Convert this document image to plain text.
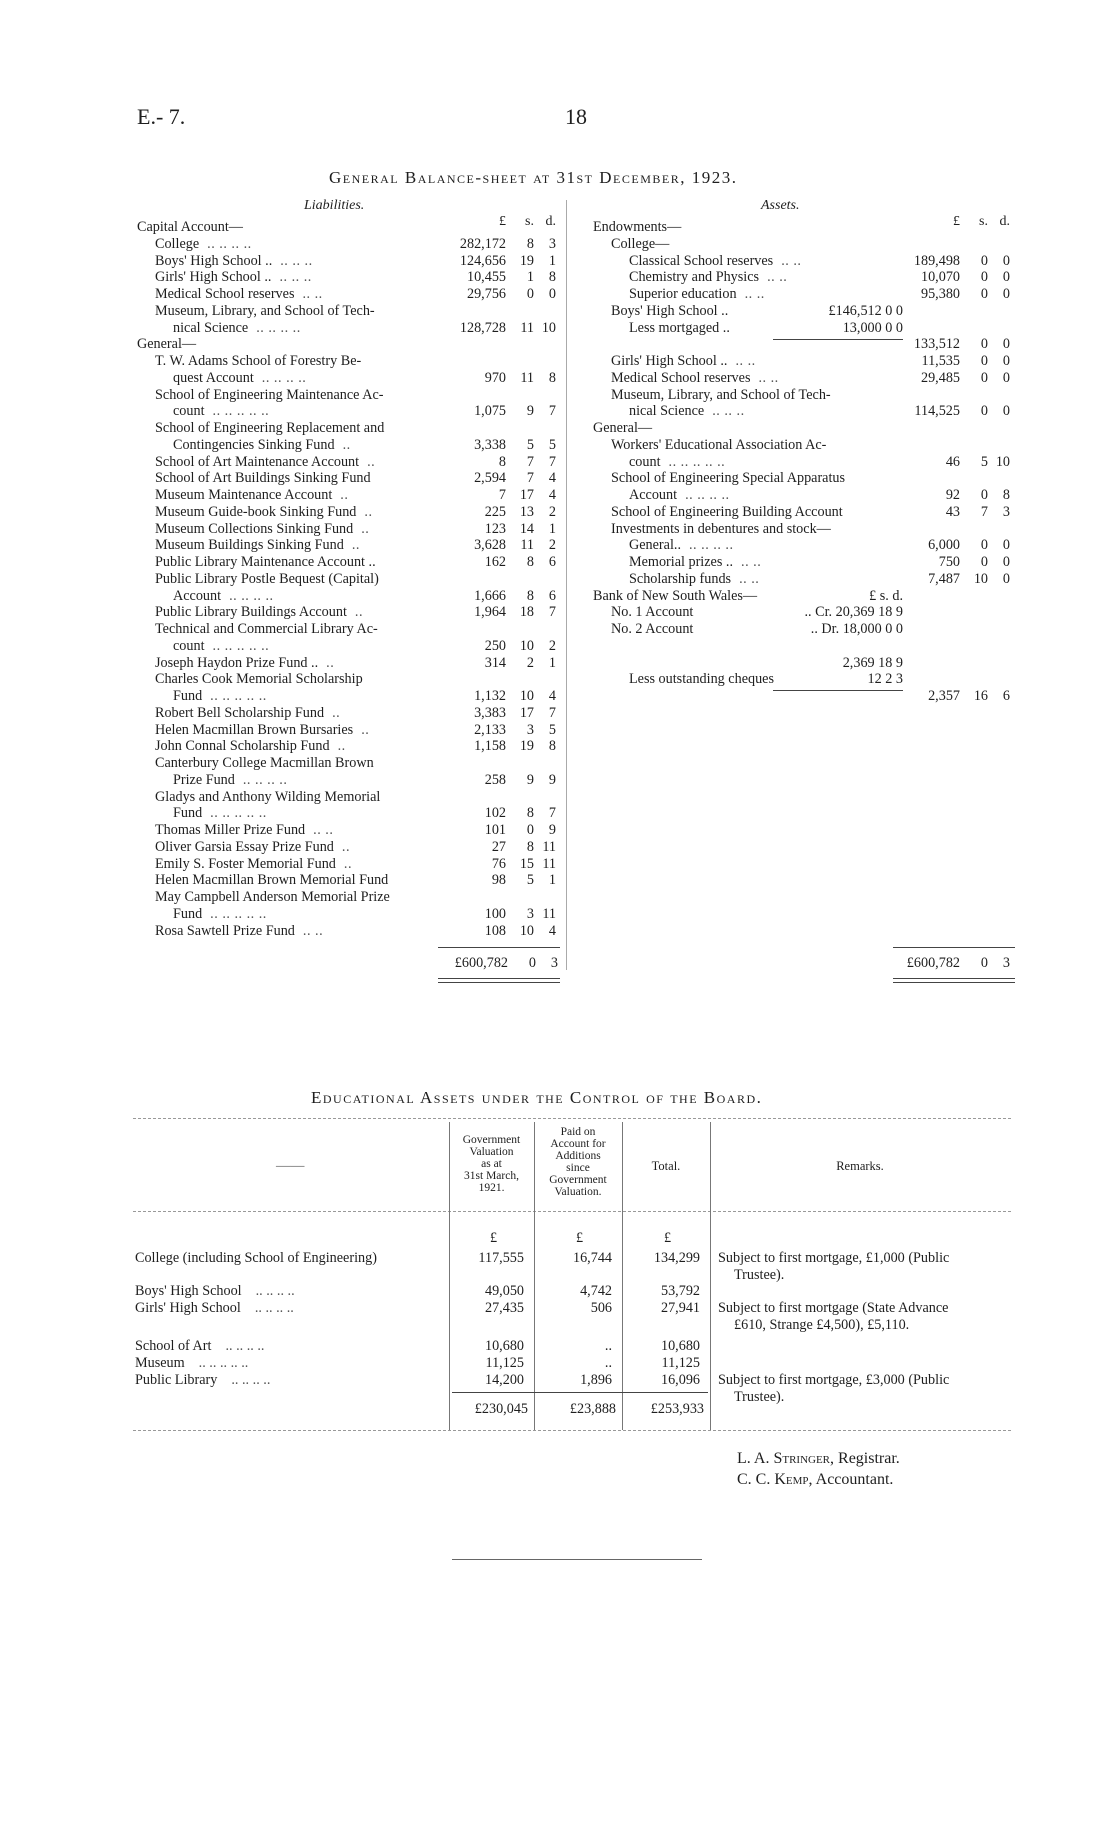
E.- 7.	18
General Balance-sheet at 31st December, 1923.
Liabilities.
£	s. d.
Capital Account—
College .. .. .. ..	282,172	8	3
Boys' High School .. .. .. ..	124,656 19	1
Girls' High School .. .. .. ..	10,455	1	8
Medical School reserves .. ..	29,756	0	0
Museum, Library, and School of Tech-
nical Science .. .. .. ..	128,728	11 10
General—
T. W. Adams School of Forestry Be-
quest Account .. .. .. ..	970	11	8
School of Engineering Maintenance Ac-
count .. .. .. .. ..	1,075	9	7
School of Engineering Replacement and
Contingencies Sinking Fund ..	3,338	5	5
School of Art Maintenance Account ..	8	7	7
School of Art Buildings Sinking Fund	2,594	7	4
Museum Maintenance Account ..	7 17	4
Museum Guide-book Sinking Fund ..	225 13	2
Museum Collections Sinking Fund ..	123 14	1
Museum Buildings Sinking Fund ..	3,628	11	2
Public Library Maintenance Account ..	162	8	6
Public Library Postle Bequest (Capital)
Account .. .. .. ..	1,666	8	6
Public Library Buildings Account ..	1,964 18	7
Technical and Commercial Library Ac-
count .. .. .. .. ..	250 10	2
Joseph Haydon Prize Fund .. ..	314	2	1
Charles Cook Memorial Scholarship
Fund .. .. .. .. ..	1,132 10	4
Robert Bell Scholarship Fund ..	3,383 17	7
Helen Macmillan Brown Bursaries ..	2,133	3	5
John Connal Scholarship Fund ..	1,158 19	8
Canterbury College Macmillan Brown
Prize Fund .. .. .. ..	258	9	9
Gladys and Anthony Wilding Memorial
Fund .. .. .. .. ..	102	8	7
Thomas Miller Prize Fund .. ..	101	0	9
Oliver Garsia Essay Prize Fund ..	27	8 11
Emily S. Foster Memorial Fund ..	76 15 11
Helen Macmillan Brown Memorial Fund	98	5	1
May Campbell Anderson Memorial Prize
Fund .. .. .. .. ..	100	3 11
Rosa Sawtell Prize Fund .. ..	108 10	4
Assets.
£	s. d.
Endowments—
College—
Classical School reserves .. ..	189,498	0	0
Chemistry and Physics .. ..	10,070	0	0
Superior education .. ..	95,380	0	0
Boys' High School ..	£146,512 0 0
Less mortgaged ..	13,000 0 0
133,512	0	0
Girls' High School .. .. ..	11,535	0	0
Medical School reserves .. ..	29,485	0	0
Museum, Library, and School of Tech-
nical Science .. .. ..	114,525	0	0
General—
Workers' Educational Association Ac-
count .. .. .. .. ..	46	5 10
School of Engineering Special Apparatus
Account .. .. .. ..	92	0	8
School of Engineering Building Account	43	7	3
Investments in debentures and stock—
General.. .. .. .. ..	6,000	0	0
Memorial prizes .. .. ..	750	0	0
Scholarship funds .. ..	7,487 10	0
Bank of New South Wales—	£ s. d.
No. 1 Account	.. Cr. 20,369 18 9
No. 2 Account	.. Dr. 18,000 0 0
2,369 18 9
Less outstanding cheques	12 2 3
2,357 16	6
£600,782	0	3	£600,782	0	3
Educational Assets under the Control of the Board.
——
Government
Valuation
as at
31st March,
1921.
Paid on
Account for
Additions
since
Government
Valuation.
Total.	Remarks.
£	£	£
College (including School of Engineering)	117,555	16,744	134,299 Subject to first mortgage, £1,000 (Public
Trustee).
Boys' High School .. .. .. ..	49,050	4,742	53,792
Girls' High School .. .. .. ..	27,435	506	27,941 Subject to first mortgage (State Advance
£610, Strange £4,500), £5,110.
School of Art .. .. .. ..	10,680	..	10,680
Museum .. .. .. .. ..	11,125	..	11,125
Public Library .. .. .. ..	14,200	1,896	16,096 Subject to first mortgage, £3,000 (Public
Trustee).
£230,045	£23,888	£253,933
L. A. Stringer, Registrar.
C. C. Kemp, Accountant.
